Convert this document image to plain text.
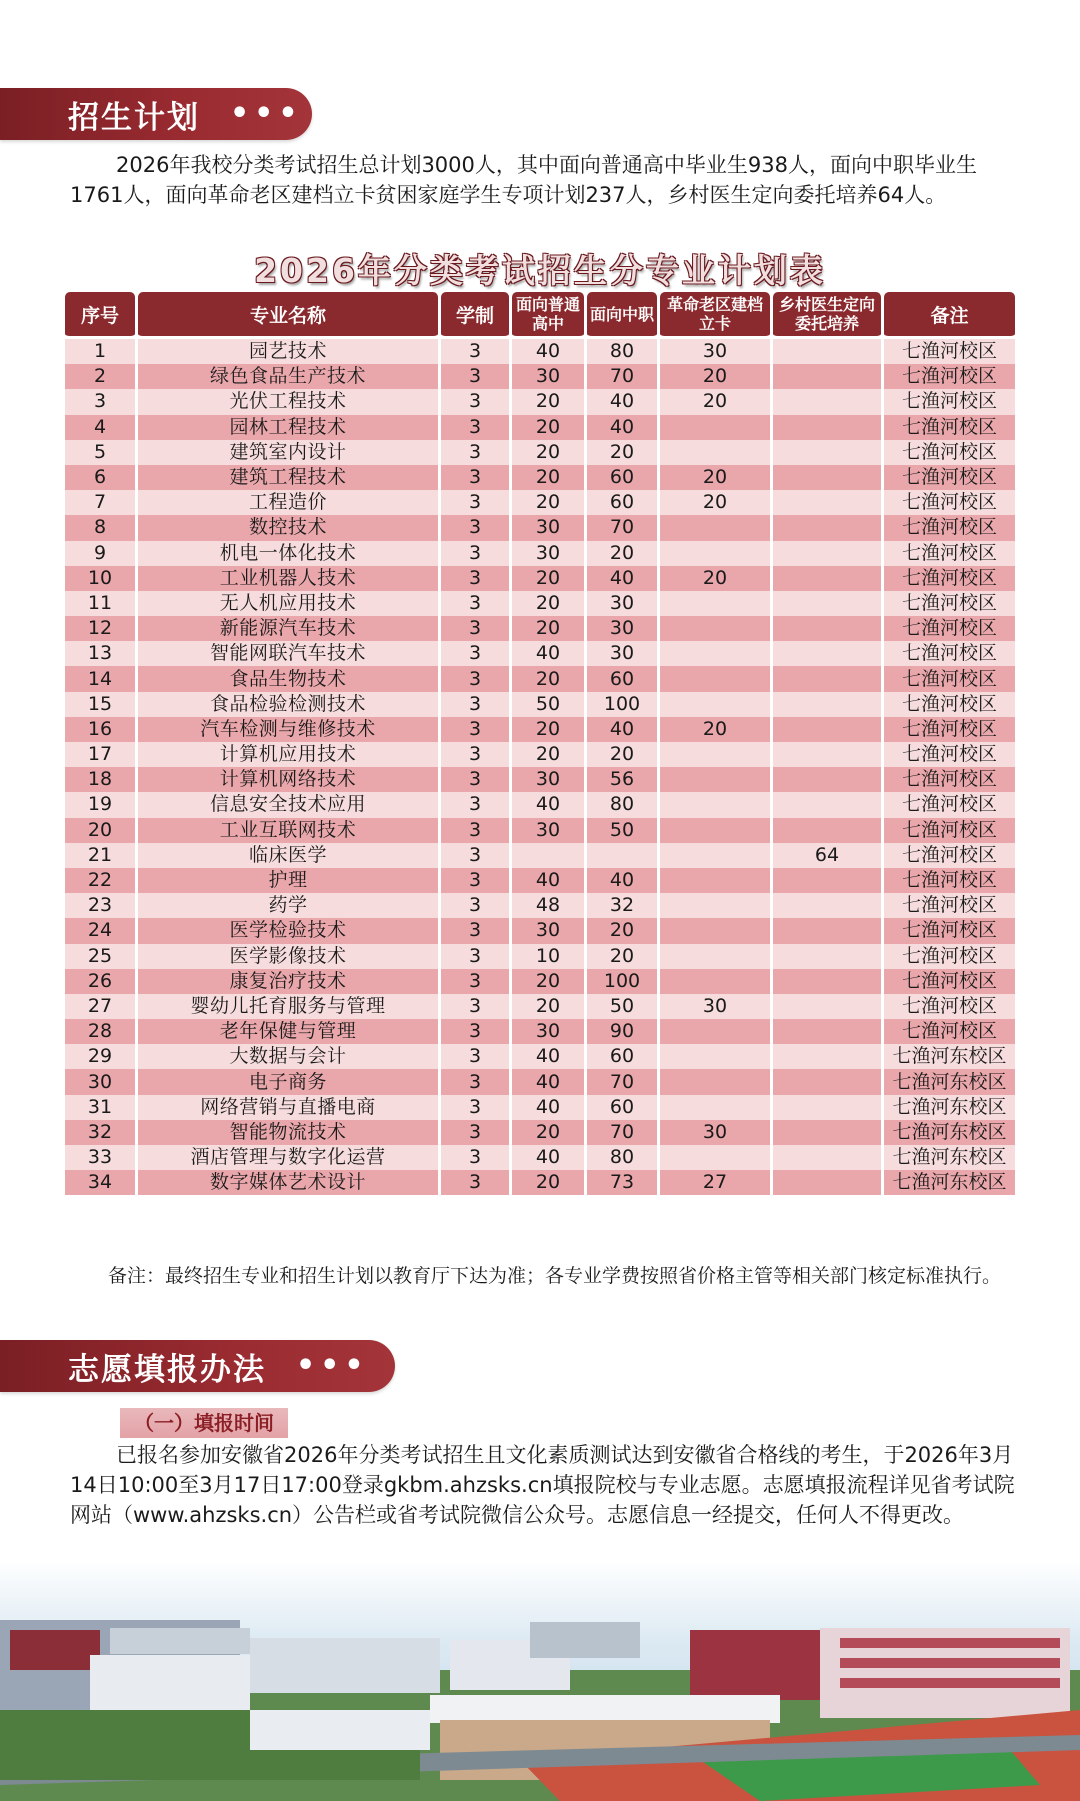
招生计划 •••

2026年我校分类考试招生总计划3000人，其中面向普通高中毕业生938人，面向中职毕业生1761人，面向革命老区建档立卡贫困家庭学生专项计划237人，乡村医生定向委托培养64人。

2026年分类考试招生分专业计划表
序号	专业名称	学制	面向普通高中	面向中职	革命老区建档立卡	乡村医生定向委托培养	备注
1	园艺技术	3	40	80	30		七渔河校区
2	绿色食品生产技术	3	30	70	20		七渔河校区
3	光伏工程技术	3	20	40	20		七渔河校区
4	园林工程技术	3	20	40			七渔河校区
5	建筑室内设计	3	20	20			七渔河校区
6	建筑工程技术	3	20	60	20		七渔河校区
7	工程造价	3	20	60	20		七渔河校区
8	数控技术	3	30	70			七渔河校区
9	机电一体化技术	3	30	20			七渔河校区
10	工业机器人技术	3	20	40	20		七渔河校区
11	无人机应用技术	3	20	30			七渔河校区
12	新能源汽车技术	3	20	30			七渔河校区
13	智能网联汽车技术	3	40	30			七渔河校区
14	食品生物技术	3	20	60			七渔河校区
15	食品检验检测技术	3	50	100			七渔河校区
16	汽车检测与维修技术	3	20	40	20		七渔河校区
17	计算机应用技术	3	20	20			七渔河校区
18	计算机网络技术	3	30	56			七渔河校区
19	信息安全技术应用	3	40	80			七渔河校区
20	工业互联网技术	3	30	50			七渔河校区
21	临床医学	3				64	七渔河校区
22	护理	3	40	40			七渔河校区
23	药学	3	48	32			七渔河校区
24	医学检验技术	3	30	20			七渔河校区
25	医学影像技术	3	10	20			七渔河校区
26	康复治疗技术	3	20	100			七渔河校区
27	婴幼儿托育服务与管理	3	20	50	30		七渔河校区
28	老年保健与管理	3	30	90			七渔河校区
29	大数据与会计	3	40	60			七渔河东校区
30	电子商务	3	40	70			七渔河东校区
31	网络营销与直播电商	3	40	60			七渔河东校区
32	智能物流技术	3	20	70	30		七渔河东校区
33	酒店管理与数字化运营	3	40	80			七渔河东校区
34	数字媒体艺术设计	3	20	73	27		七渔河东校区

备注：最终招生专业和招生计划以教育厅下达为准；各专业学费按照省价格主管等相关部门核定标准执行。

志愿填报办法 •••
（一）填报时间

已报名参加安徽省2026年分类考试招生且文化素质测试达到安徽省合格线的考生，于2026年3月14日10:00至3月17日17:00登录gkbm.ahzsks.cn填报院校与专业志愿。志愿填报流程详见省考试院网站（www.ahzsks.cn）公告栏或省考试院微信公众号。志愿信息一经提交，任何人不得更改。
